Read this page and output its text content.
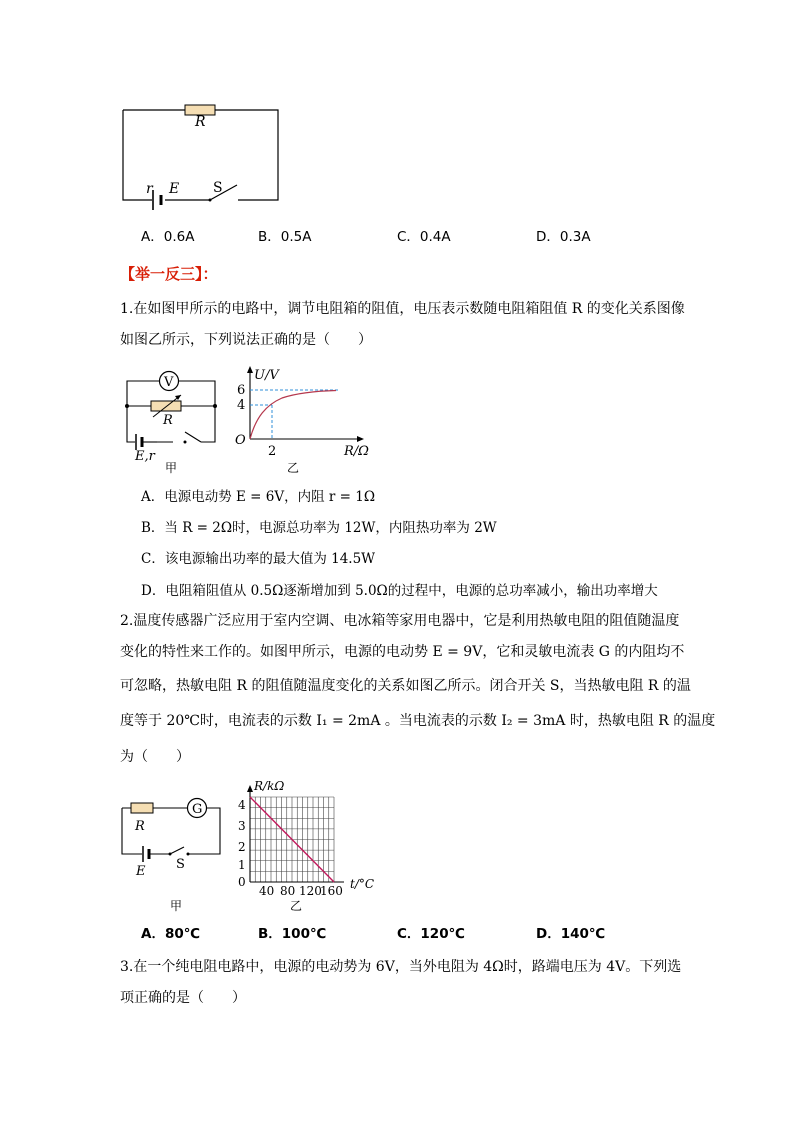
R
r E S
A．0.6A	B．0.5A	C．0.4A	D．0.3A
【举一反三】：
1.在如图甲所示的电路中，调节电阻箱的阻值，电压表示数随电阻箱阻值 R 的变化关系图像
如图乙所示，下列说法正确的是（　　）
V
R
E,r
甲
U/V
6
4
O
2	R/Ω
乙
A．电源电动势 E = 6V，内阻 r = 1Ω
B．当 R = 2Ω时，电源总功率为 12W，内阻热功率为 2W
C．该电源输出功率的最大值为 14.5W
D．电阻箱阻值从 0.5Ω逐渐增加到 5.0Ω的过程中，电源的总功率减小，输出功率增大
2.温度传感器广泛应用于室内空调、电冰箱等家用电器中，它是利用热敏电阻的阻值随温度
变化的特性来工作的。如图甲所示，电源的电动势 E = 9V，它和灵敏电流表 G 的内阻均不
可忽略，热敏电阻 R 的阻值随温度变化的关系如图乙所示。闭合开关 S，当热敏电阻 R 的温
度等于 20℃时，电流表的示数 I₁ = 2mA 。当电流表的示数 I₂ = 3mA 时，热敏电阻 R 的温度
为（　　）
G
R
E S
甲
R/kΩ
4
3
2
1
0
40 80 120
160 t/°C
乙
A．80℃	B．100℃	C．120℃	D．140℃
3.在一个纯电阻电路中，电源的电动势为 6V，当外电阻为 4Ω时，路端电压为 4V。下列选
项正确的是（　　）
